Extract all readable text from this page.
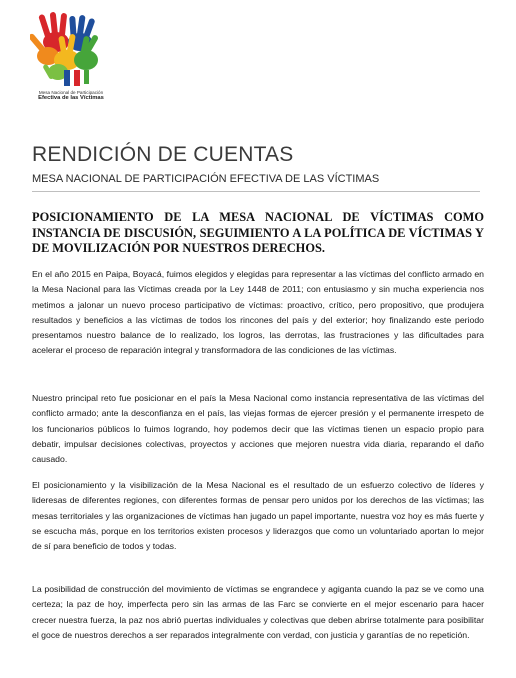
Mesa Nacional de Participación
Efectiva de las Víctimas
RENDICIÓN DE CUENTAS
MESA NACIONAL DE PARTICIPACIÓN EFECTIVA DE LAS VÍCTIMAS
POSICIONAMIENTO DE LA MESA NACIONAL DE VÍCTIMAS COMO INSTANCIA DE DISCUSIÓN, SEGUIMIENTO A LA POLÍTICA DE VÍCTIMAS Y DE MOVILIZACIÓN POR NUESTROS DERECHOS.

En el año 2015 en Paipa, Boyacá, fuimos elegidos y elegidas para representar a las víctimas del conflicto armado en la Mesa Nacional para las Víctimas creada por la Ley 1448 de 2011; con entusiasmo y sin mucha experiencia nos metimos a jalonar un nuevo proceso participativo de víctimas: proactivo, crítico, pero propositivo, que produjera resultados y beneficios a las víctimas de todos los rincones del país y del exterior; hoy finalizando este periodo presentamos nuestro balance de lo realizado, los logros, las derrotas, las frustraciones y las dificultades para acelerar el proceso de reparación integral y transformadora de las condiciones de las víctimas.

Nuestro principal reto fue posicionar en el país la Mesa Nacional como instancia representativa de las víctimas del conflicto armado; ante la desconfianza en el país, las viejas formas de ejercer presión y el permanente irrespeto de los funcionarios públicos lo fuimos logrando, hoy podemos decir que las víctimas tienen un espacio propio para debatir, impulsar decisiones colectivas, proyectos y acciones que mejoren nuestra vida diaria, reparando el daño causado.

El posicionamiento y la visibilización de la Mesa Nacional es el resultado de un esfuerzo colectivo de líderes y lideresas de diferentes regiones, con diferentes formas de pensar pero unidos por los derechos de las víctimas; las mesas territoriales y las organizaciones de víctimas han jugado un papel importante, nuestra voz hoy es más fuerte y se escucha más, porque en los territorios existen procesos y liderazgos que como un voluntariado aportan lo mejor de sí para beneficio de todos y todas.

La posibilidad de construcción del movimiento de víctimas se engrandece y agiganta cuando la paz se ve como una certeza; la paz de hoy, imperfecta pero sin las armas de las Farc se convierte en el mejor escenario para hacer crecer nuestra fuerza, la paz nos abrió puertas individuales y colectivas que deben abrirse totalmente para posibilitar el goce de nuestros derechos a ser reparados integralmente con verdad, con justicia y garantías de no repetición.
